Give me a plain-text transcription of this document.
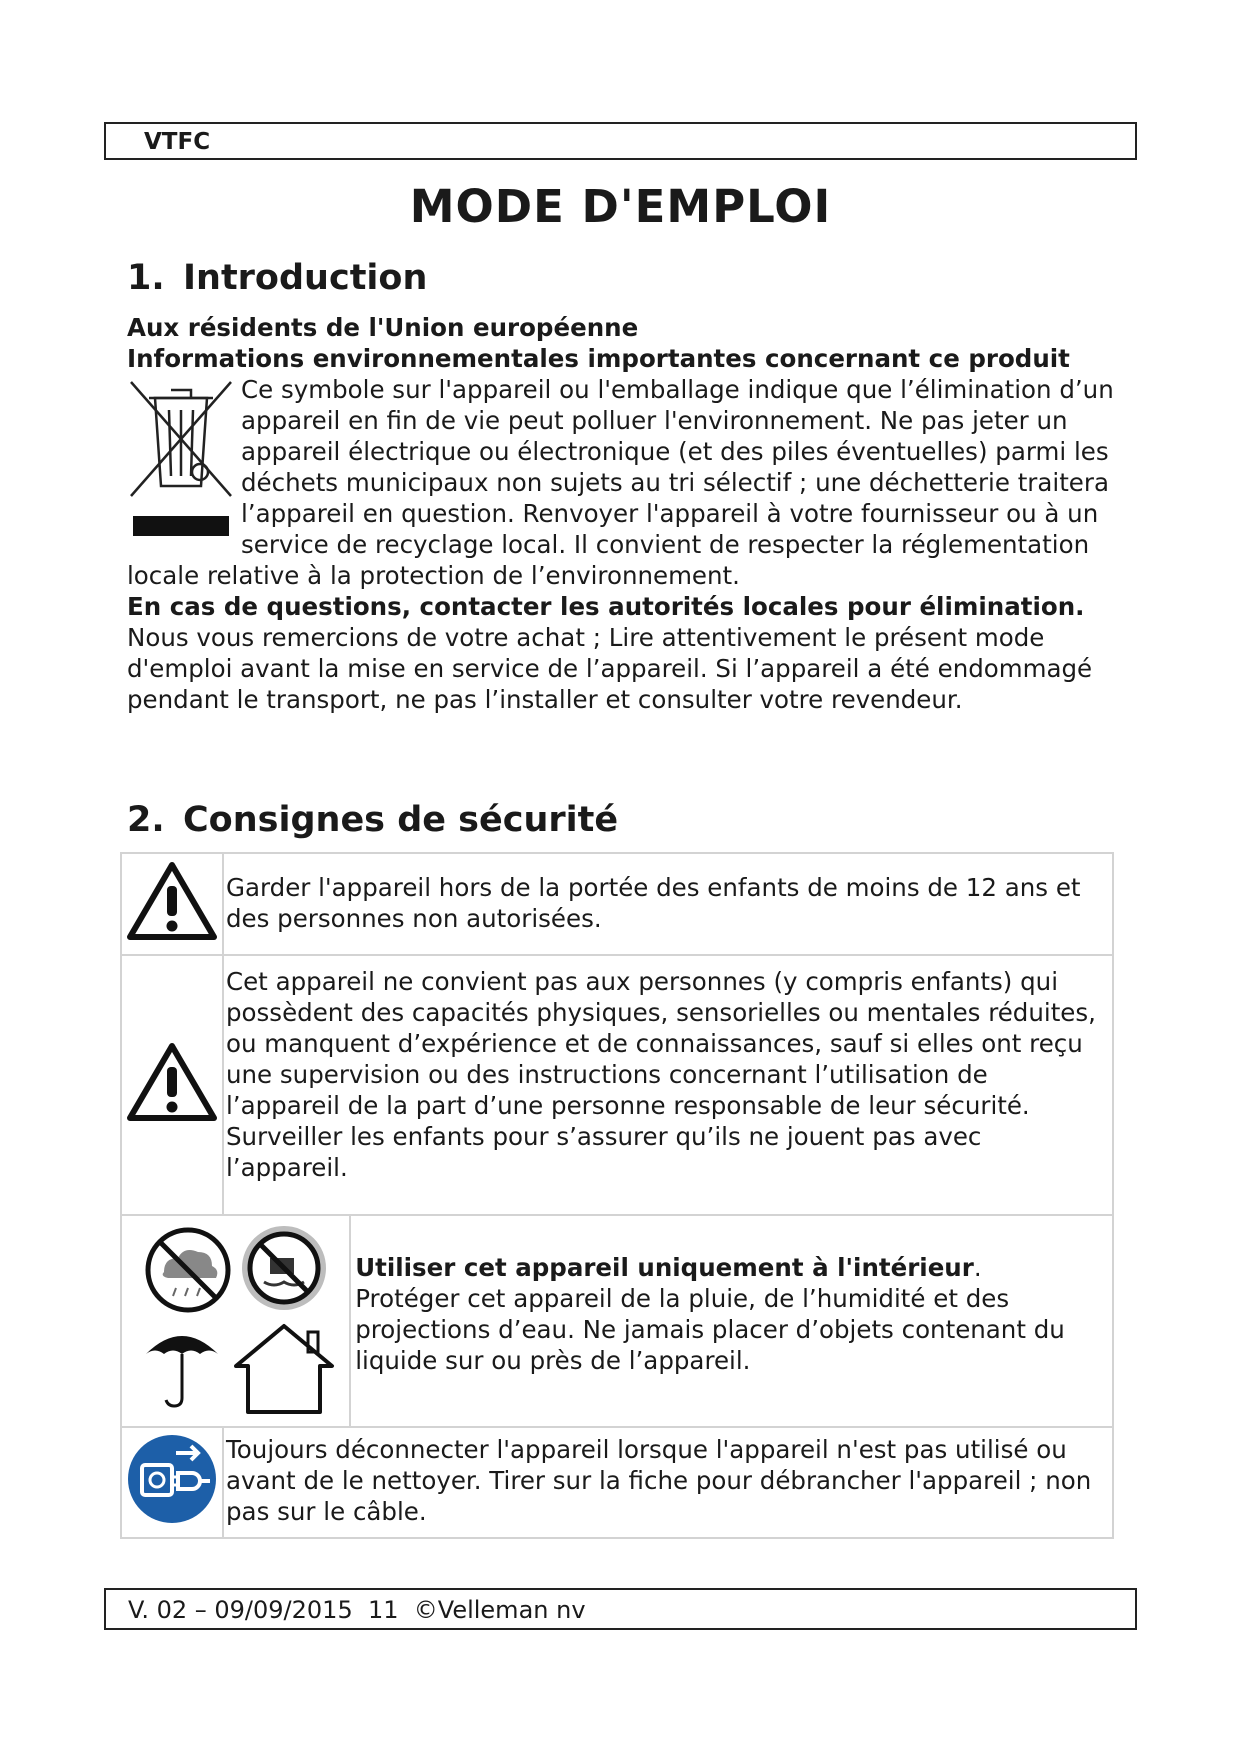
VTFC
MODE D'EMPLOI
1. Introduction

Aux résidents de l'Union européenne

Informations environnementales importantes concernant ce produit

Ce symbole sur l'appareil ou l'emballage indique que l’élimination d’un appareil en fin de vie peut polluer l'environnement. Ne pas jeter un appareil électrique ou électronique (et des piles éventuelles) parmi les déchets municipaux non sujets au tri sélectif ; une déchetterie traitera l’appareil en question. Renvoyer l'appareil à votre fournisseur ou à un service de recyclage local. Il convient de respecter la réglementation locale relative à la protection de l’environnement.

En cas de questions, contacter les autorités locales pour élimination.

Nous vous remercions de votre achat ; Lire attentivement le présent mode d'emploi avant la mise en service de l’appareil. Si l’appareil a été endommagé pendant le transport, ne pas l’installer et consulter votre revendeur.

2. Consignes de sécurité
	Garder l'appareil hors de la portée des enfants de moins de 12 ans et des personnes non autorisées.	

Cet appareil ne convient pas aux personnes (y compris enfants) qui possèdent des capacités physiques, sensorielles ou mentales réduites, ou manquent d’expérience et de connaissances, sauf si elles ont reçu une supervision ou des instructions concernant l’utilisation de l’appareil de la part d’une personne responsable de leur sécurité.
Surveiller les enfants pour s’assurer qu’ils ne jouent pas avec l’appareil.	

Utiliser cet appareil uniquement à l'intérieur.
Protéger cet appareil de la pluie, de l’humidité et des projections d’eau. Ne jamais placer d’objets contenant du liquide sur ou près de l’appareil.

	Toujours déconnecter l'appareil lorsque l'appareil n'est pas utilisé ou avant de le nettoyer. Tirer sur la fiche pour débrancher l'appareil ; non pas sur le câble.	
V. 02 – 09/09/2015  11  ©Velleman nv
